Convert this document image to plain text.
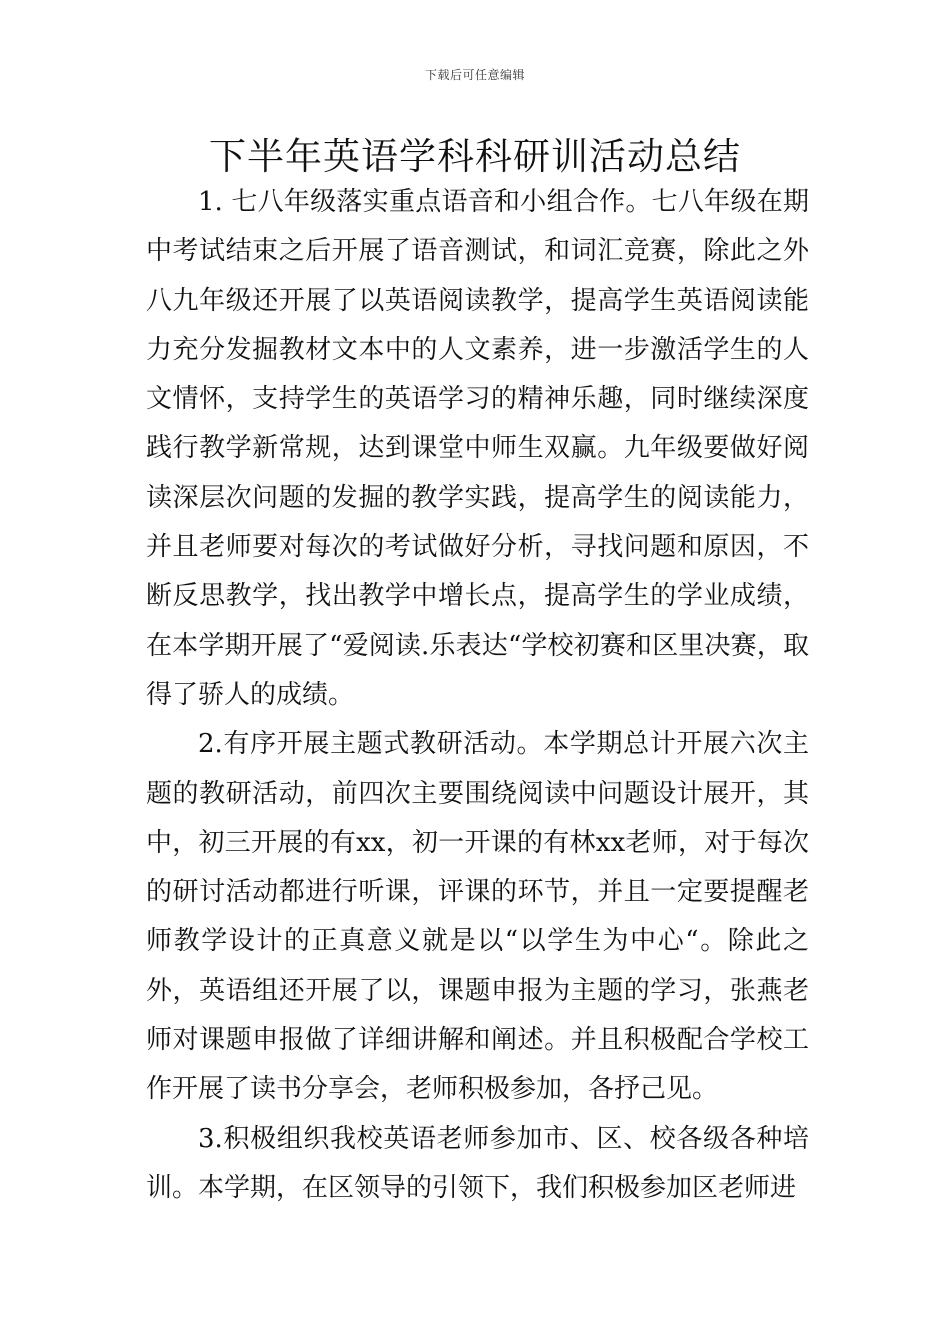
下载后可任意编辑
下半年英语学科科研训活动总结

1. 七八年级落实重点语音和小组合作。七八年级在期中考试结束之后开展了语音测试，和词汇竞赛，除此之外八九年级还开展了以英语阅读教学，提高学生英语阅读能力充分发掘教材文本中的人文素养，进一步激活学生的人文情怀，支持学生的英语学习的精神乐趣，同时继续深度践行教学新常规，达到课堂中师生双赢。九年级要做好阅读深层次问题的发掘的教学实践，提高学生的阅读能力，并且老师要对每次的考试做好分析，寻找问题和原因，不断反思教学，找出教学中增长点，提高学生的学业成绩，在本学期开展了“爱阅读.乐表达“学校初赛和区里决赛，取得了骄人的成绩。

2.有序开展主题式教研活动。本学期总计开展六次主题的教研活动，前四次主要围绕阅读中问题设计展开，其中，初三开展的有xx，初一开课的有林xx老师，对于每次的研讨活动都进行听课，评课的环节，并且一定要提醒老师教学设计的正真意义就是以“以学生为中心“。除此之外，英语组还开展了以，课题申报为主题的学习，张燕老师对课题申报做了详细讲解和阐述。并且积极配合学校工作开展了读书分享会，老师积极参加，各抒己见。

3.积极组织我校英语老师参加市、区、校各级各种培训。本学期，在区领导的引领下，我们积极参加区老师进
